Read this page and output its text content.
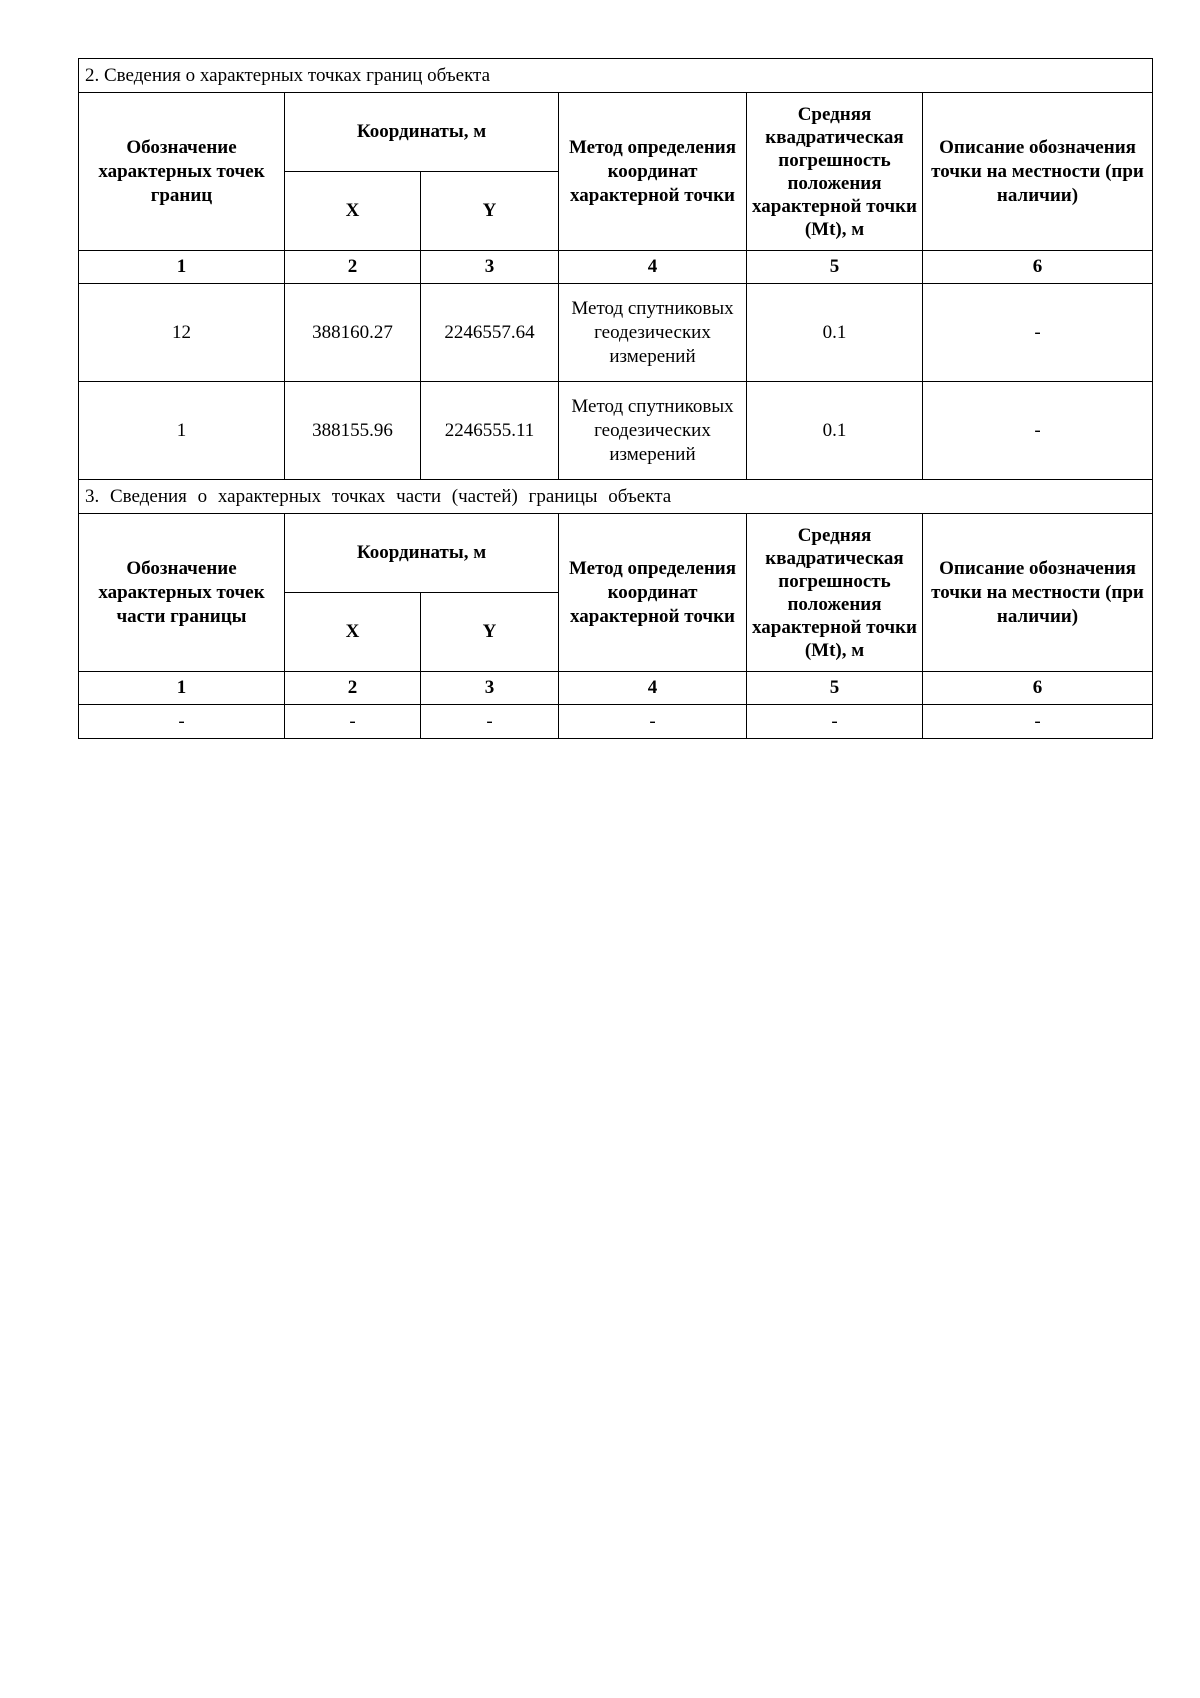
2. Сведения о характерных точках границ объекта					
Обозначение характерных точек границ	Координаты, м		Метод определения координат характерной точки	Средняя квадратическая погрешность положения характерной точки (Mt), м	Описание обозначения точки на местности (при наличии)
	X	Y			
1	2	3	4	5	6
12	388160.27	2246557.64	Метод спутниковых геодезических измерений	0.1	-
1	388155.96	2246555.11	Метод спутниковых геодезических измерений	0.1	-
3. Сведения о характерных точках части (частей) границы объекта					
Обозначение характерных точек части границы	Координаты, м		Метод определения координат характерной точки	Средняя квадратическая погрешность положения характерной точки (Mt), м	Описание обозначения точки на местности (при наличии)
	X	Y			
1	2	3	4	5	6
-	-	-	-	-	-
